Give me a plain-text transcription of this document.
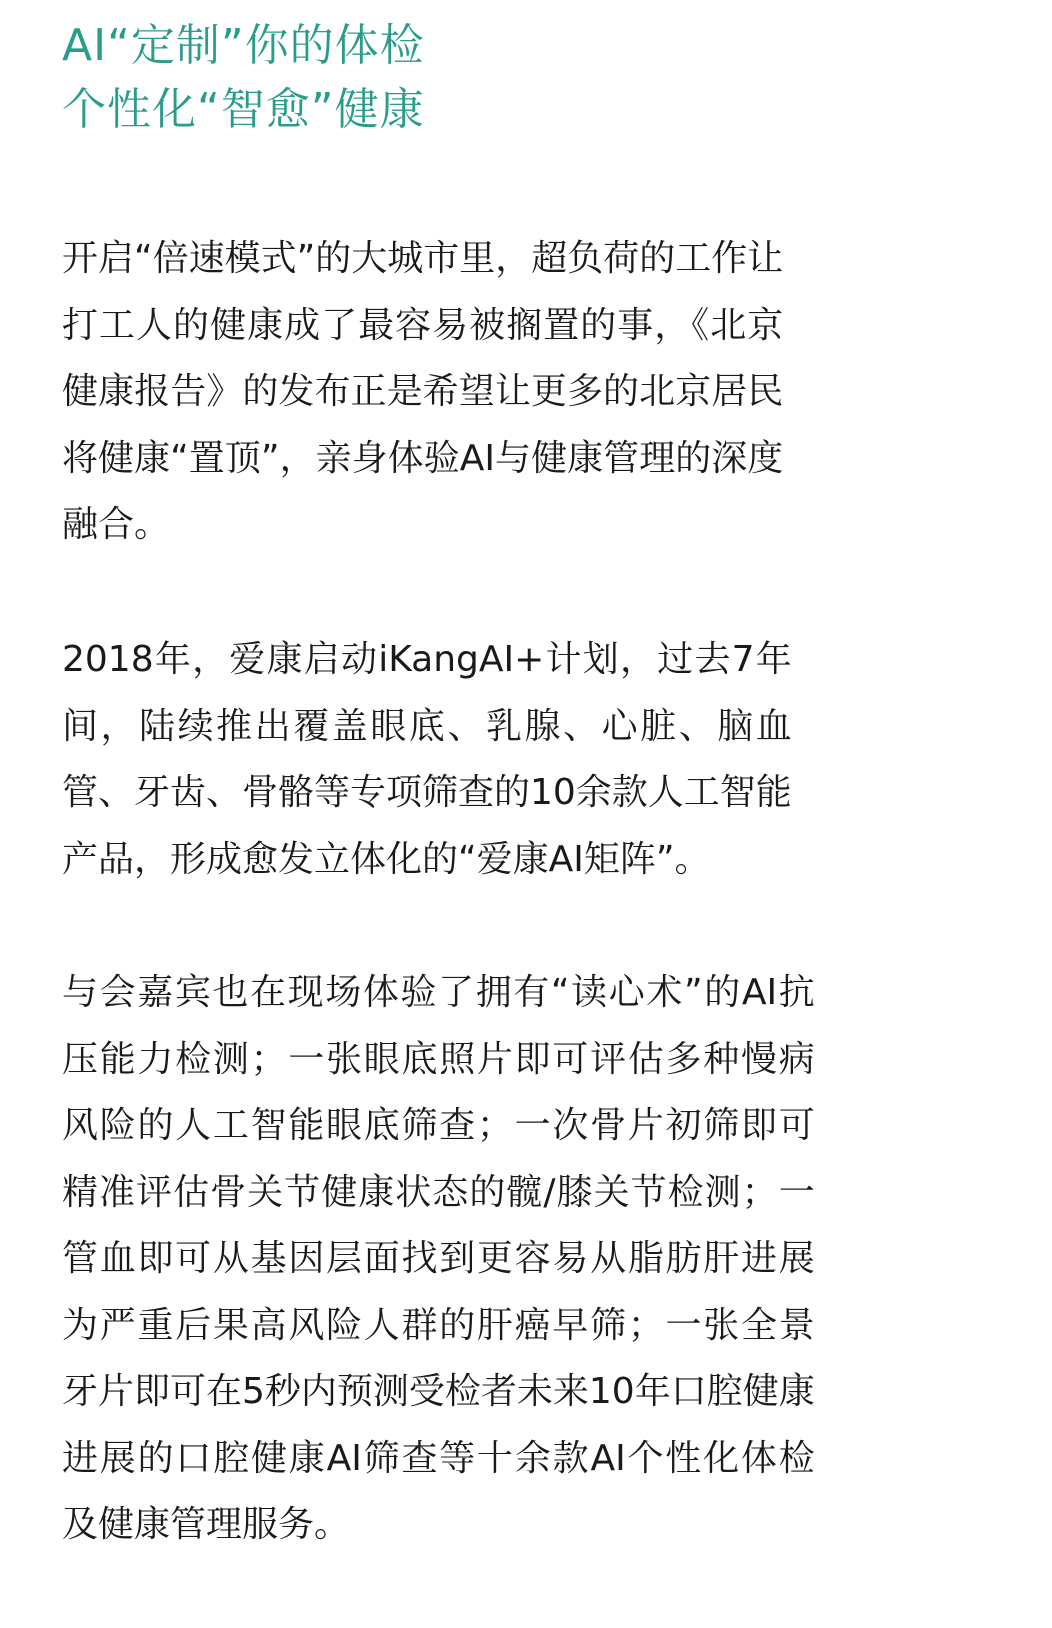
AI“定制”你的体检
个性化“智愈”健康

开启“倍速模式”的大城市里，超负荷的工作让
打工人的健康成了最容易被搁置的事，《北京
健康报告》的发布正是希望让更多的北京居民
将健康“置顶”，亲身体验AI与健康管理的深度
融合。

2018年，爱康启动iKangAI+计划，过去7年
间，陆续推出覆盖眼底、乳腺、心脏、脑血
管、牙齿、骨骼等专项筛查的10余款人工智能
产品，形成愈发立体化的“爱康AI矩阵”。

与会嘉宾也在现场体验了拥有“读心术”的AI抗
压能力检测；一张眼底照片即可评估多种慢病
风险的人工智能眼底筛查；一次骨片初筛即可
精准评估骨关节健康状态的髋/膝关节检测；一
管血即可从基因层面找到更容易从脂肪肝进展
为严重后果高风险人群的肝癌早筛；一张全景
牙片即可在5秒内预测受检者未来10年口腔健康
进展的口腔健康AI筛查等十余款AI个性化体检
及健康管理服务。
